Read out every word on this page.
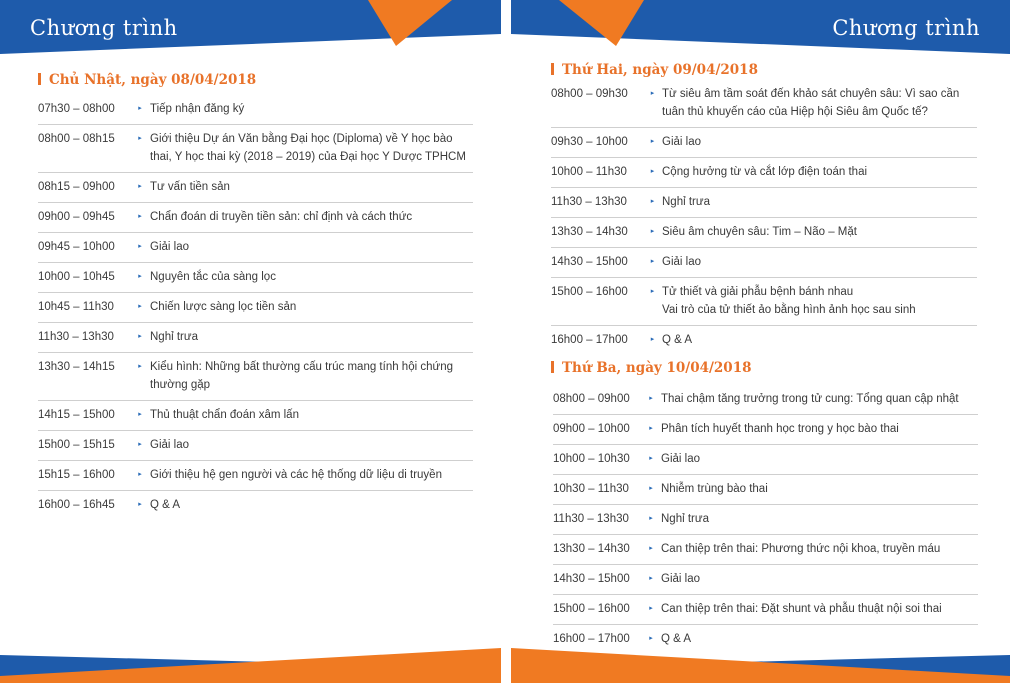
Chương trình
Chủ Nhật, ngày 08/04/2018
07h30 – 08h00	▸ Tiếp nhận đăng ký
08h00 – 08h15	▸ Giới thiệu Dự án Văn bằng Đại học (Diploma) về Y học bào thai, Y học thai kỳ (2018 – 2019) của Đại học Y Dược TPHCM
08h15 – 09h00	▸ Tư vấn tiền sản
09h00 – 09h45	▸ Chẩn đoán di truyền tiền sản: chỉ định và cách thức
09h45 – 10h00	▸ Giải lao
10h00 – 10h45	▸ Nguyên tắc của sàng lọc
10h45 – 11h30	▸ Chiến lược sàng lọc tiền sản
11h30 – 13h30	▸ Nghỉ trưa
13h30 – 14h15	▸ Kiểu hình: Những bất thường cấu trúc mang tính hội chứng thường gặp
14h15 – 15h00	▸ Thủ thuật chẩn đoán xâm lấn
15h00 – 15h15	▸ Giải lao
15h15 – 16h00	▸ Giới thiệu hệ gen người và các hệ thống dữ liệu di truyền
16h00 – 16h45	▸ Q & A
Chương trình
Thứ Hai, ngày 09/04/2018
08h00 – 09h30	▸ Từ siêu âm tầm soát đến khảo sát chuyên sâu: Vì sao cần tuân thủ khuyến cáo của Hiệp hội Siêu âm Quốc tế?
09h30 – 10h00	▸ Giải lao
10h00 – 11h30	▸ Cộng hưởng từ và cắt lớp điện toán thai
11h30 – 13h30	▸ Nghỉ trưa
13h30 – 14h30	▸ Siêu âm chuyên sâu: Tim – Não – Mặt
14h30 – 15h00	▸ Giải lao
15h00 – 16h00	▸ Tử thiết và giải phẫu bệnh bánh nhau
Vai trò của tử thiết ảo bằng hình ảnh học sau sinh
16h00 – 17h00	▸ Q & A
Thứ Ba, ngày 10/04/2018
08h00 – 09h00	▸ Thai chậm tăng trưởng trong tử cung: Tổng quan cập nhật
09h00 – 10h00	▸ Phân tích huyết thanh học trong y học bào thai
10h00 – 10h30	▸ Giải lao
10h30 – 11h30	▸ Nhiễm trùng bào thai
11h30 – 13h30	▸ Nghỉ trưa
13h30 – 14h30	▸ Can thiệp trên thai: Phương thức nội khoa, truyền máu
14h30 – 15h00	▸ Giải lao
15h00 – 16h00	▸ Can thiệp trên thai: Đặt shunt và phẫu thuật nội soi thai
16h00 – 17h00	▸ Q & A
